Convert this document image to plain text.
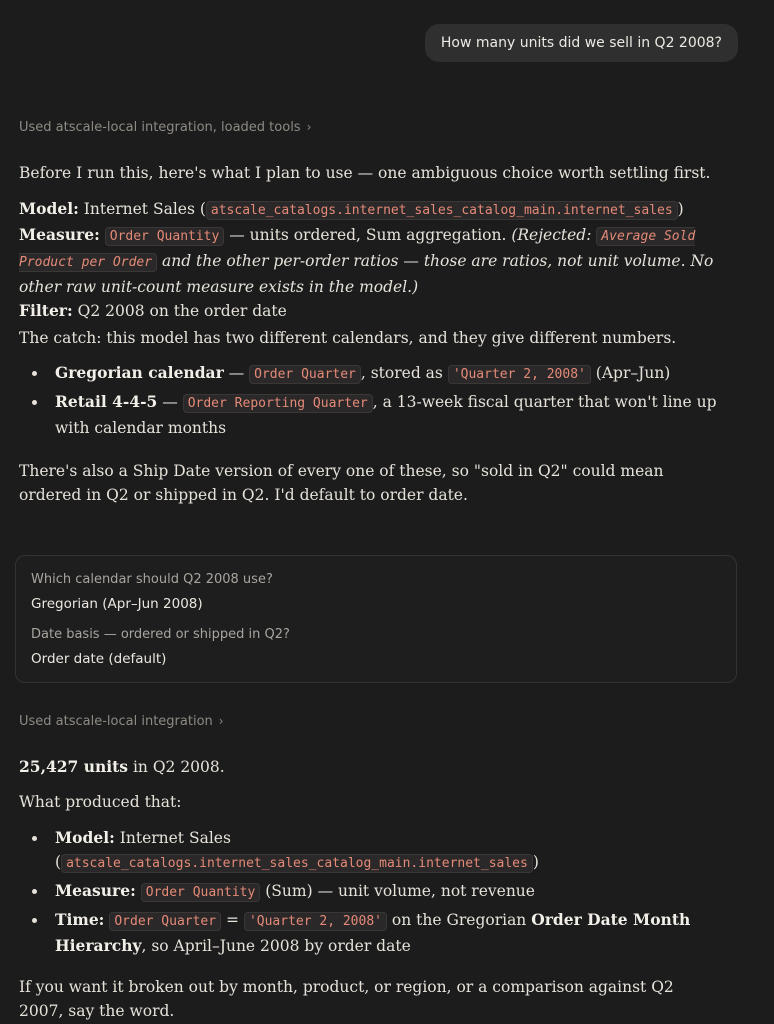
How many units did we sell in Q2 2008?
Used atscale-local integration, loaded tools ›

Before I run this, here's what I plan to use — one ambiguous choice worth settling first.

Model: Internet Sales ( atscale_catalogs.internet_sales_catalog_main.internet_sales )
Measure: Order Quantity — units ordered, Sum aggregation. (Rejected: Average Sold Product per Order and the other per-order ratios — those are ratios, not unit volume. No other raw unit-count measure exists in the model.)
Filter: Q2 2008 on the order date

The catch: this model has two different calendars, and they give different numbers.

Gregorian calendar — Order Quarter , stored as 'Quarter 2, 2008' (Apr–Jun)
Retail 4-4-5 — Order Reporting Quarter , a 13-week fiscal quarter that won't line up with calendar months

There's also a Ship Date version of every one of these, so "sold in Q2" could mean ordered in Q2 or shipped in Q2. I'd default to order date.

Which calendar should Q2 2008 use?
Gregorian (Apr–Jun 2008)
Date basis — ordered or shipped in Q2?
Order date (default)
Used atscale-local integration ›

25,427 units in Q2 2008.

What produced that:

Model: Internet Sales
( atscale_catalogs.internet_sales_catalog_main.internet_sales )
Measure: Order Quantity (Sum) — unit volume, not revenue
Time: Order Quarter = 'Quarter 2, 2008' on the Gregorian Order Date Month Hierarchy, so April–June 2008 by order date

If you want it broken out by month, product, or region, or a comparison against Q2 2007, say the word.
